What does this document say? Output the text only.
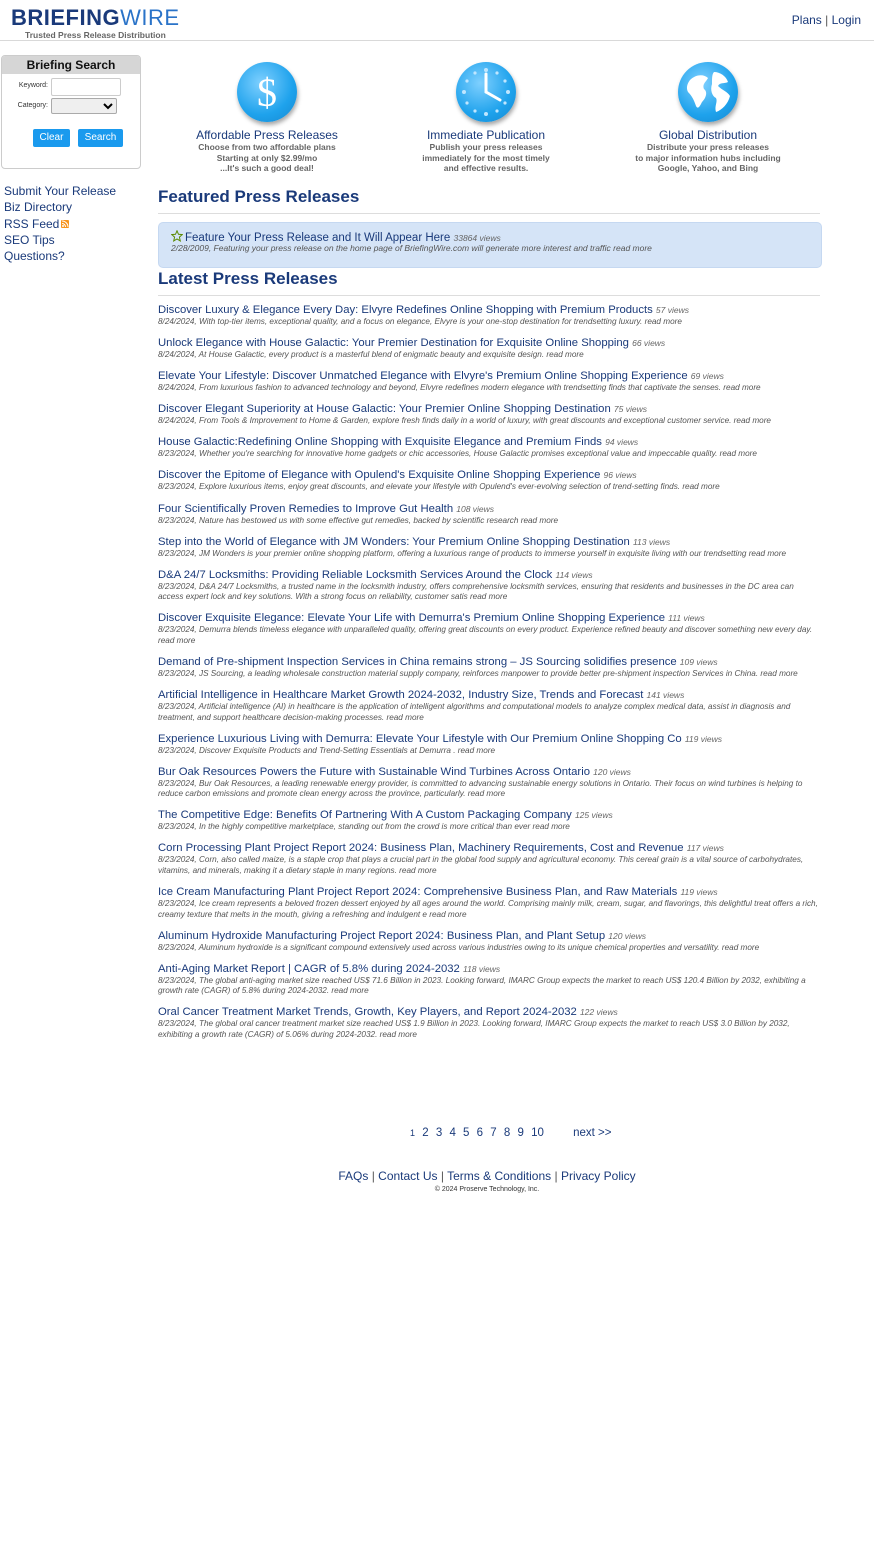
BRIEFINGWIRE
Trusted Press Release Distribution
Plans | Login
Briefing Search
Keyword:
Category:
Clear	Search
Submit Your Release
Biz Directory
RSS Feed
SEO Tips
Questions?
$
Affordable Press Releases
Choose from two affordable plans
Starting at only $2.99/mo
...It's such a good deal!
Immediate Publication
Publish your press releases
immediately for the most timely
and effective results.
Global Distribution
Distribute your press releases
to major information hubs including
Google, Yahoo, and Bing
Featured Press Releases
Feature Your Press Release and It Will Appear Here 33864 views
2/28/2009, Featuring your press release on the home page of BriefingWire.com will generate more interest and traffic read more
Latest Press Releases
Discover Luxury & Elegance Every Day: Elvyre Redefines Online Shopping with Premium Products 57 views
8/24/2024, With top-tier items, exceptional quality, and a focus on elegance, Elvyre is your one-stop destination for trendsetting luxury. read more
Unlock Elegance with House Galactic: Your Premier Destination for Exquisite Online Shopping 66 views
8/24/2024, At House Galactic, every product is a masterful blend of enigmatic beauty and exquisite design. read more
Elevate Your Lifestyle: Discover Unmatched Elegance with Elvyre's Premium Online Shopping Experience 69 views
8/24/2024, From luxurious fashion to advanced technology and beyond, Elvyre redefines modern elegance with trendsetting finds that captivate the senses. read more
Discover Elegant Superiority at House Galactic: Your Premier Online Shopping Destination 75 views
8/24/2024, From Tools & Improvement to Home & Garden, explore fresh finds daily in a world of luxury, with great discounts and exceptional customer service. read more
House Galactic:Redefining Online Shopping with Exquisite Elegance and Premium Finds 94 views
8/23/2024, Whether you're searching for innovative home gadgets or chic accessories, House Galactic promises exceptional value and impeccable quality. read more
Discover the Epitome of Elegance with Opulend's Exquisite Online Shopping Experience 96 views
8/23/2024, Explore luxurious items, enjoy great discounts, and elevate your lifestyle with Opulend's ever-evolving selection of trend-setting finds. read more
Four Scientifically Proven Remedies to Improve Gut Health 108 views
8/23/2024, Nature has bestowed us with some effective gut remedies, backed by scientific research read more
Step into the World of Elegance with JM Wonders: Your Premium Online Shopping Destination 113 views
8/23/2024, JM Wonders is your premier online shopping platform, offering a luxurious range of products to immerse yourself in exquisite living with our trendsetting read more
D&A 24/7 Locksmiths: Providing Reliable Locksmith Services Around the Clock 114 views
8/23/2024, D&A 24/7 Locksmiths, a trusted name in the locksmith industry, offers comprehensive locksmith services, ensuring that residents and businesses in the DC area can access expert lock and key solutions. With a strong focus on reliability, customer satis read more
Discover Exquisite Elegance: Elevate Your Life with Demurra's Premium Online Shopping Experience 111 views
8/23/2024, Demurra blends timeless elegance with unparalleled quality, offering great discounts on every product. Experience refined beauty and discover something new every day. read more
Demand of Pre-shipment Inspection Services in China remains strong – JS Sourcing solidifies presence 109 views
8/23/2024, JS Sourcing, a leading wholesale construction material supply company, reinforces manpower to provide better pre-shipment inspection Services in China. read more
Artificial Intelligence in Healthcare Market Growth 2024-2032, Industry Size, Trends and Forecast 141 views
8/23/2024, Artificial intelligence (AI) in healthcare is the application of intelligent algorithms and computational models to analyze complex medical data, assist in diagnosis and treatment, and support healthcare decision-making processes. read more
Experience Luxurious Living with Demurra: Elevate Your Lifestyle with Our Premium Online Shopping Co 119 views
8/23/2024, Discover Exquisite Products and Trend-Setting Essentials at Demurra . read more
Bur Oak Resources Powers the Future with Sustainable Wind Turbines Across Ontario 120 views
8/23/2024, Bur Oak Resources, a leading renewable energy provider, is committed to advancing sustainable energy solutions in Ontario. Their focus on wind turbines is helping to reduce carbon emissions and promote clean energy across the province, particularly. read more
The Competitive Edge: Benefits Of Partnering With A Custom Packaging Company 125 views
8/23/2024, In the highly competitive marketplace, standing out from the crowd is more critical than ever read more
Corn Processing Plant Project Report 2024: Business Plan, Machinery Requirements, Cost and Revenue 117 views
8/23/2024, Corn, also called maize, is a staple crop that plays a crucial part in the global food supply and agricultural economy. This cereal grain is a vital source of carbohydrates, vitamins, and minerals, making it a dietary staple in many regions. read more
Ice Cream Manufacturing Plant Project Report 2024: Comprehensive Business Plan, and Raw Materials 119 views
8/23/2024, Ice cream represents a beloved frozen dessert enjoyed by all ages around the world. Comprising mainly milk, cream, sugar, and flavorings, this delightful treat offers a rich, creamy texture that melts in the mouth, giving a refreshing and indulgent e read more
Aluminum Hydroxide Manufacturing Project Report 2024: Business Plan, and Plant Setup 120 views
8/23/2024, Aluminum hydroxide is a significant compound extensively used across various industries owing to its unique chemical properties and versatility. read more
Anti-Aging Market Report | CAGR of 5.8% during 2024-2032 118 views
8/23/2024, The global anti-aging market size reached US$ 71.6 Billion in 2023. Looking forward, IMARC Group expects the market to reach US$ 120.4 Billion by 2032, exhibiting a growth rate (CAGR) of 5.8% during 2024-2032. read more
Oral Cancer Treatment Market Trends, Growth, Key Players, and Report 2024-2032 122 views
8/23/2024, The global oral cancer treatment market size reached US$ 1.9 Billion in 2023. Looking forward, IMARC Group expects the market to reach US$ 3.0 Billion by 2032, exhibiting a growth rate (CAGR) of 5.06% during 2024-2032. read more
1 2 3 4 5 6 7 8 9 10	next >>
FAQs | Contact Us | Terms & Conditions | Privacy Policy
© 2024 Proserve Technology, Inc.
